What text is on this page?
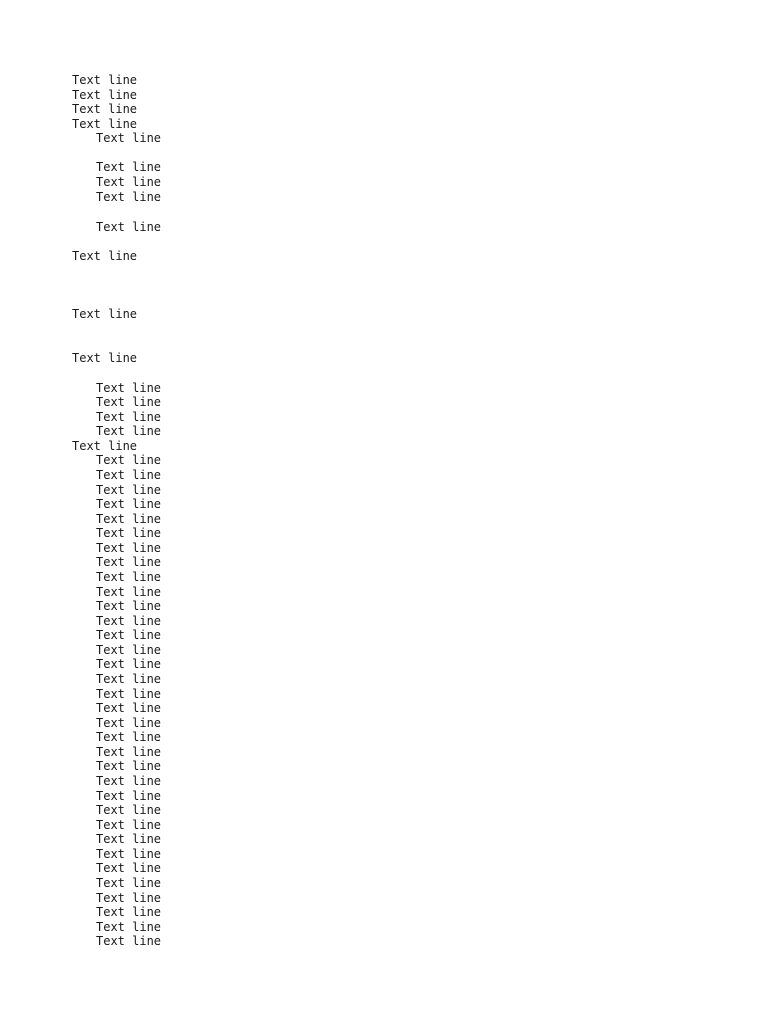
Text line
Text line
Text line
Text line
Text line
Text line
Text line
Text line
Text line
Text line
Text line
Text line
Text line
Text line
Text line
Text line
Text line
Text line
Text line
Text line
Text line
Text line
Text line
Text line
Text line
Text line
Text line
Text line
Text line
Text line
Text line
Text line
Text line
Text line
Text line
Text line
Text line
Text line
Text line
Text line
Text line
Text line
Text line
Text line
Text line
Text line
Text line
Text line
Text line
Text line
Text line
